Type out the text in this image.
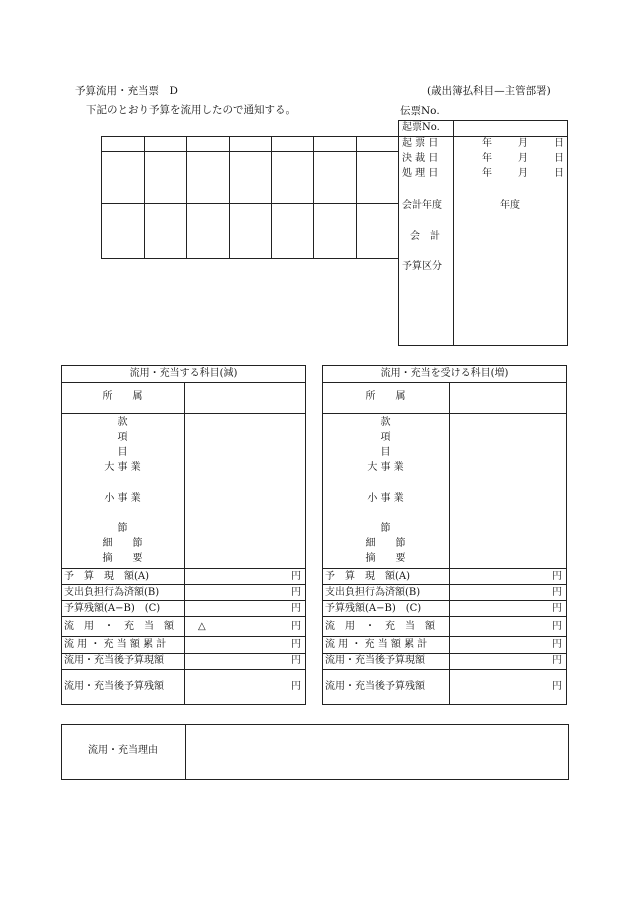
予算流用・充当票　D	(歳出簿払科目—主管部署)
下記のとおり予算を流用したので通知する。	伝票No.
起票No.
起 票 日	年	月	日
決 裁 日	年	月	日
処 理 日	年	月	日
会計年度	年度
会　計
予算区分
流用・充当する科目(減)
所　　属
款
項
目
大 事 業
小 事 業
節
細　　節
摘　　要
予　算　現　額(A)	円
支出負担行為済額(B)	円
予算残額(A−B)　(C)	円
流　用　・　充　当　額 △	円
流 用 ・ 充 当 額 累 計	円
流用・充当後予算現額	円
流用・充当後予算残額	円
流用・充当を受ける科目(増)
所　　属
款
項
目
大 事 業
小 事 業
節
細　　節
摘　　要
予　算　現　額(A)	円
支出負担行為済額(B)	円
予算残額(A−B)　(C)	円
流　用　・　充　当　額	円
流 用 ・ 充 当 額 累 計	円
流用・充当後予算現額	円
流用・充当後予算残額	円
流用・充当理由
